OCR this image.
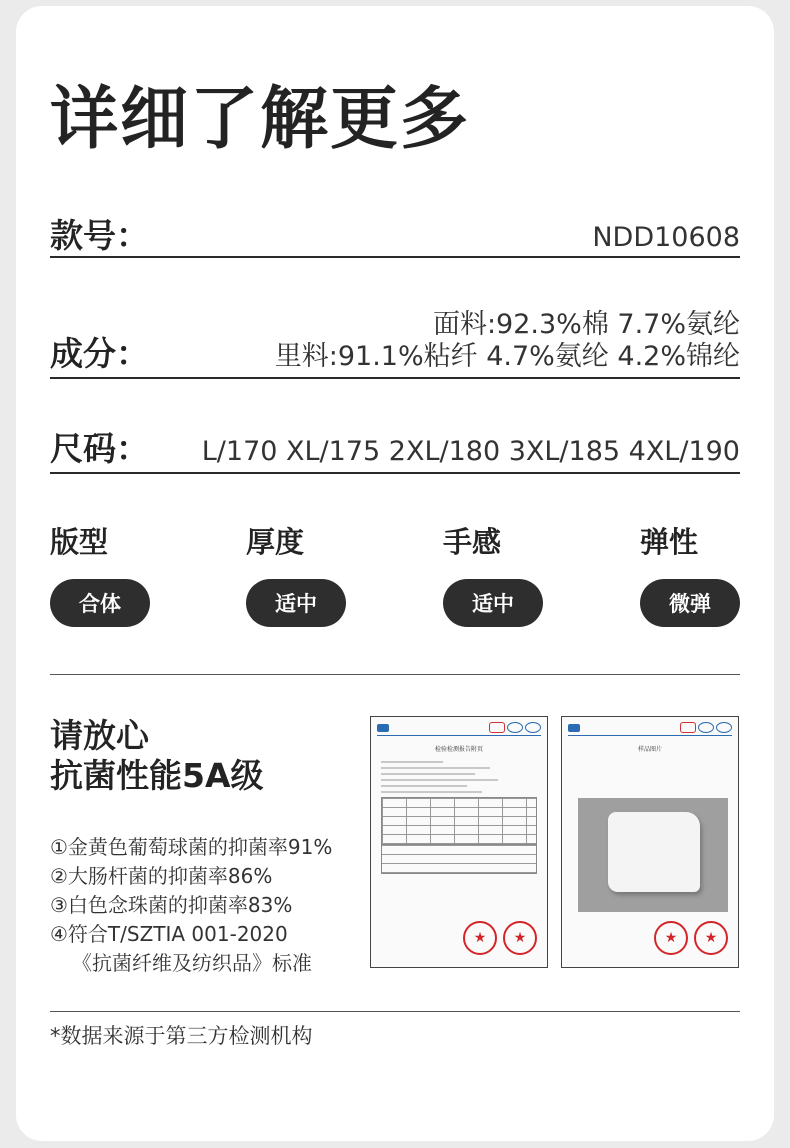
详细了解更多
款号：	NDD10608
成分：
面料:92.3%棉 7.7%氨纶
里料:91.1%粘纤 4.7%氨纶 4.2%锦纶
尺码： L/170 XL/175 2XL/180 3XL/185 4XL/190
版型
合体
厚度
适中
手感
适中
弹性
微弹
请放心
抗菌性能5A级
①金黄色葡萄球菌的抑菌率91%
②大肠杆菌的抑菌率86%
③白色念珠菌的抑菌率83%
④符合T/SZTIA 001-2020
《抗菌纤维及纺织品》标准
检验检测报告附页
★	★
样品图片
★	★
*数据来源于第三方检测机构
